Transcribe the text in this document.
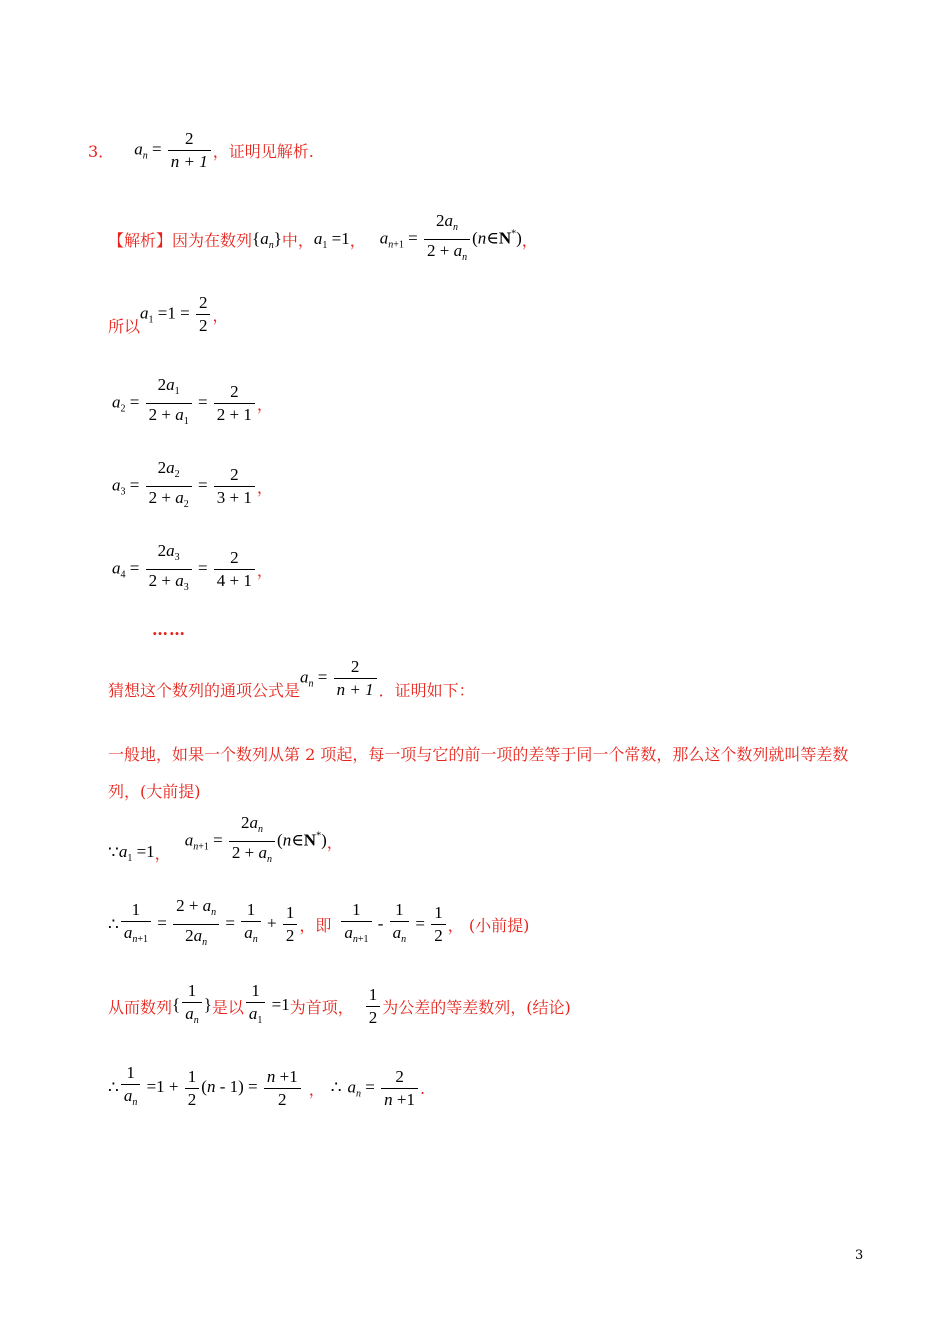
3． $a_n = \frac{2}{n + 1}$ ，证明见解析.
【解析】 因为在数列 $\{a_n\}$ 中， $a_1 =1$ ， $a_{n+1} = \frac{2a_n}{2 + a_n}$ (n∈N*) ，
所以
$a_1 =1 = \frac{2}{2}$ ，
$a_2 = \frac{2a_1}{2 + a_1} = \frac{2}{2 + 1}$ ，
$a_3 = \frac{2a_2}{2 + a_2} = \frac{2}{3 + 1}$ ，
$a_4 = \frac{2a_3}{2 + a_3} = \frac{2}{4 + 1}$ ，
……
猜想这个数列的通项公式是
$a_n = \frac{2}{n + 1}$ ．证明如下：
一般地，如果一个数列从第 2 项起，每一项与它的前一项的差等于同一个常数，那么这个数列就叫等差数
列，(大前提)
∵ $a_1 =1$ ，
$a_{n+1} = \frac{2a_n}{2 + a_n}$ (n∈N*) ，
∴ $\frac{1}{a_{n+1}} = \frac{2 + a_n}{2a_n} = \frac{1}{a_n} + \frac{1}{2}$ ，即 $\frac{1}{a_{n+1}} - \frac{1}{a_n} = \frac{1}{2}$ ， (小前提)
从而数列 { $\frac{1}{a_n}$ } 是以 $\frac{1}{a_1} =1$ 为首项， $\frac{1}{2}$ 为公差的等差数列，(结论)
∴ $\frac{1}{a_n} =1 + \frac{1}{2} (n - 1) = \frac{n +1}{2}$ ， ∴ $a_n = \frac{2}{n +1}$ .
3
